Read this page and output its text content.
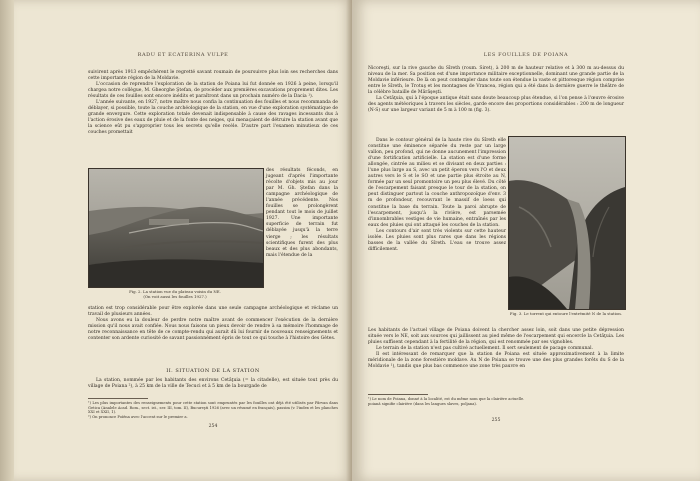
RADU ET ECATERINA VULPE

suivirent après 1913 empêchèrent le regretté savant roumain de poursuivre plus loin ses recherches dans cette importante région de la Moldavie.

L'occasion de reprendre l'exploration de la station de Poiana lui fut donnée en 1926 à peine, lorsqu'il chargea notre collègue, M. Gheorghe Ştefan, de procéder aux premières excavations proprement dites. Les résultats de ces fouilles sont encore inédits et paraîtront dans un prochain numéro de la Dacia ¹).

L'année suivante, en 1927, notre maître nous confia la continuation des fouilles et nous recommanda de déblayer, si possible, toute la couche archéologique de la station, en vue d'une exploration systématique de grande envergure. Cette exploration totale devenait indispensable à cause des ravages incessants dus à l'action érosive des eaux de pluie et de la fonte des neiges, qui menaçaient de détruire la station avant que la science eût pu s'approprier tous les secrets qu'elle recèle. D'autre part l'examen minutieux de ces couches promettait

des résultats féconds, en jugeant d'après l'importante récolte d'objets mis au jour par M. Gh. Ştefan dans la campagne archéologique de l'année précédente. Nos fouilles se prolongèrent pendant tout le mois de juillet 1927. Une importante superficie de terrain fut déblayée jusqu'à la terre vierge ; les résultats scientifiques furent des plus beaux et des plus abondants, mais l'étendue de la

Fig. 2. La station vue du plateau voisin du NE.
(On voit aussi les fouilles 1927.)

station est trop considérable pour être explorée dans une seule campagne archéologique et réclame un travail de plusieurs années.

Nous avons eu la douleur de perdre notre maître avant de commencer l'exécution de la dernière mission qu'il nous avait confiée. Nous nous faisons un pieux devoir de rendre à sa mémoire l'hommage de notre reconnaissance en tête de ce compte-rendu qui aurait dû lui fournir de nouveaux renseignements et contenter son ardente curiosité de savant passionnément épris de tout ce qui touche à l'histoire des Gètes.

II. SITUATION DE LA STATION

La station, nommée par les habitants des environs Cetăţuia (= la citadelle), est située tout près du village de Poiana ²), à 25 km de la ville de Tecuci et à 5 km de la bourgade de

¹) Les plus importantes des renseignements pour cette station sont empruntés par les fouilles ont déjà été utilisés par Pârvan dans Getica (Analele Acad. Rom., sect. ist., ser. III, tom. II), Bucureşti 1926 (avec un résumé en français), passim (v. l'index et les planches XXI et XXII, 1).
²) On prononce Poïéna avec l'accent sur le premier a.
254
LES FOUILLES DE POIANA

Nicoreşti, sur la rive gauche du Sîreth (roum. Siret), à 200 m de hauteur relative et à 300 m au-dessus du niveau de la mer. Sa position est d'une importance militaire exceptionnelle, dominant une grande partie de la Moldavie inférieure. De là on peut contempler dans toute son étendue la vaste et pittoresque région comprise entre le Sîreth, le Trotuş et les montagnes de Vrancea, région qui a été dans la dernière guerre le théâtre de la célèbre bataille de Mărăşeşti.

La Cetăţuia, qui à l'époque antique était sans doute beaucoup plus étendue, si l'on pense à l'œuvre érosive des agents météoriques à travers les siècles, garde encore des proportions considérables : 200 m de longueur (N-S) sur une largeur variant de 5 m à 100 m (fig. 3).

Dans le contour général de la haute rive du Sîreth elle constitue une éminence séparée du reste par un large vallon, peu profond, qui ne donne aucunement l'impression d'une fortification artificielle. La station est d'une forme allongée, cintrée au milieu et se divisant en deux parties : l'une plus large au S, avec un petit éperon vers l'O et deux autres vers le S et le SO et une partie plus étroite au N, formée par un seul promontoire un peu plus élevé. Du côté de l'escarpement faisant presque le tour de la station, on peut distinguer partout la couche anthropozoïque d'env. 3 m de profondeur, recouvrant le massif de loess qui constitue la base du terrain. Toute la paroi abrupte de l'escarpement, jusqu'à la rivière, est parsemée d'innombrables vestiges de vie humaine, entraînés par les eaux des pluies qui ont attaqué les couches de la station.

Les contours d'air sont très violents sur cette hauteur isolée. Les pluies sont plus rares que dans les régions basses de la vallée du Sîreth. L'eau se trouve assez difficilement.

Fig. 3. Le torrent qui entoure l'extrémité N de la station.

Les habitants de l'actuel village de Poiana doivent la chercher assez loin, soit dans une petite dépression située vers le NE, soit aux sources qui jaillissent au pied même de l'escarpement qui encercle la Cetăţuia. Les pluies suffisent cependant à la fertilité de la région, qui est renommée par ses vignobles.

Le terrain de la station n'est pas cultivé actuellement. Il sert seulement de pacage communal.

Il est intéressant de remarquer que la station de Poiana est située approximativement à la limite méridionale de la zone forestière moldave. Au N de Poiana se trouve une des plus grandes forêts du S de la Moldavie ¹), tandis que plus bas commence une zone très pauvre en

¹) Le nom de Poiana, donné à la localité, est du même nom que la clairière actuelle.
poiană signifie clairière (dans les langues slaves, poljana).
255
